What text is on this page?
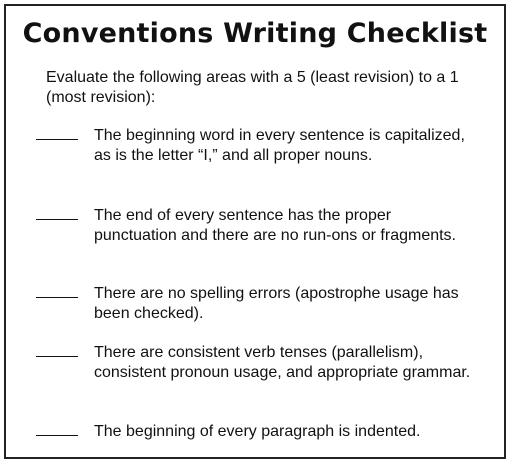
Conventions Writing Checklist
Evaluate the following areas with a 5 (least revision) to a 1 (most revision):
The beginning word in every sentence is capitalized, as is the letter “I,” and all proper nouns.
The end of every sentence has the proper punctuation and there are no run-ons or fragments.
There are no spelling errors (apostrophe usage has been checked).
There are consistent verb tenses (parallelism), consistent pronoun usage, and appropriate grammar.
The beginning of every paragraph is indented.
